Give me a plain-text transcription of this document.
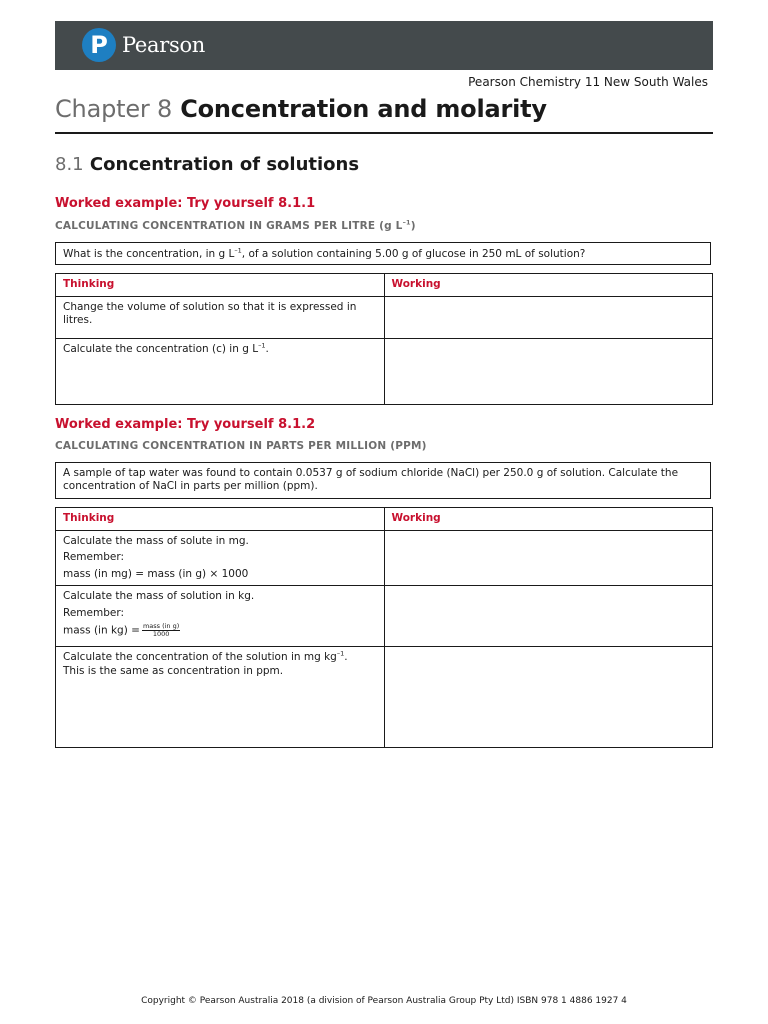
P Pearson
Pearson Chemistry 11 New South Wales
Chapter 8 Concentration and molarity
8.1 Concentration of solutions
Worked example: Try yourself 8.1.1

CALCULATING CONCENTRATION IN GRAMS PER LITRE (g $L^{-1}$)

What is the concentration, in g $L^{-1}$, of a solution containing 5.00 g of glucose in 250 mL of solution?
Thinking	Working
Change the volume of solution so that it is expressed in litres.	
Calculate the concentration (c) in g $L^{-1}$.	
Worked example: Try yourself 8.1.2

CALCULATING CONCENTRATION IN PARTS PER MILLION (PPM)

A sample of tap water was found to contain 0.0537 g of sodium chloride (NaCl) per 250.0 g of solution. Calculate the concentration of NaCl in parts per million (ppm).
Thinking	Working

Calculate the mass of solute in mg.
Remember:
mass (in mg) = mass (in g) × 1000	

Calculate the mass of solution in kg.
Remember:
mass (in $kg) = \frac{\text{mass (in g)}}{1000}$

Calculate the concentration of the solution in mg $kg^{-1}$.
This is the same as concentration in ppm.	

Copyright © Pearson Australia 2018 (a division of Pearson Australia Group Pty Ltd) ISBN 978 1 4886 1927 4
